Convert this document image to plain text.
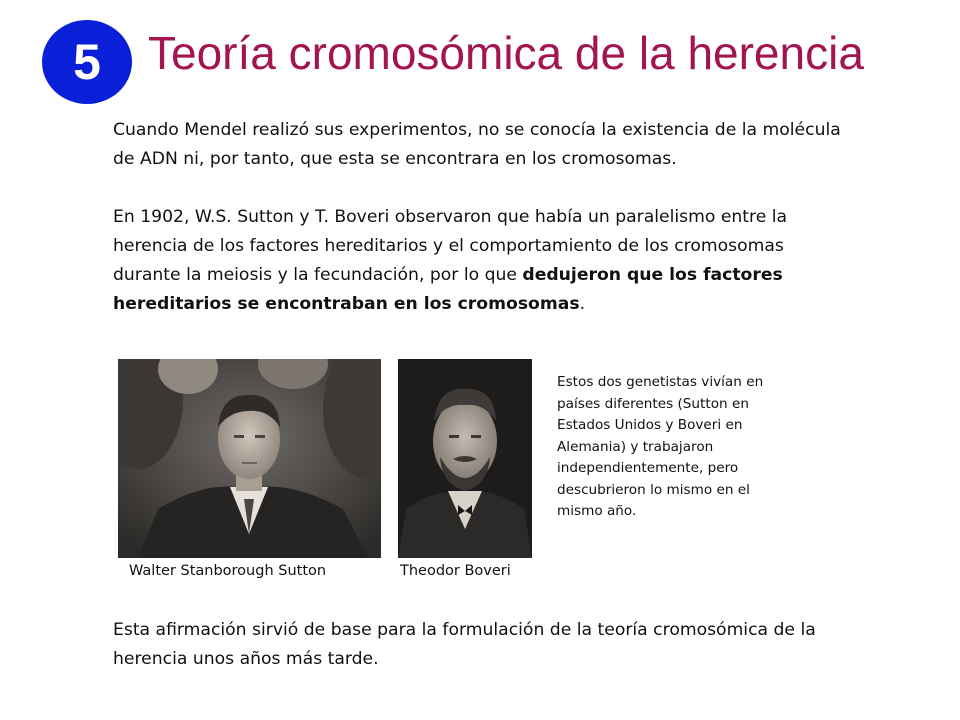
5 Teoría cromosómica de la herencia
Cuando Mendel realizó sus experimentos, no se conocía la existencia de la molécula de ADN ni, por tanto, que esta se encontrara en los cromosomas.
En 1902, W.S. Sutton y T. Boveri observaron que había un paralelismo entre la herencia de los factores hereditarios y el comportamiento de los cromosomas durante la meiosis y la fecundación, por lo que dedujeron que los factores hereditarios se encontraban en los cromosomas.
Walter Stanborough Sutton	Theodor Boveri
Estos dos genetistas vivían en países diferentes (Sutton en Estados Unidos y Boveri en Alemania) y trabajaron independientemente, pero descubrieron lo mismo en el mismo año.
Esta afirmación sirvió de base para la formulación de la teoría cromosómica de la herencia unos años más tarde.
